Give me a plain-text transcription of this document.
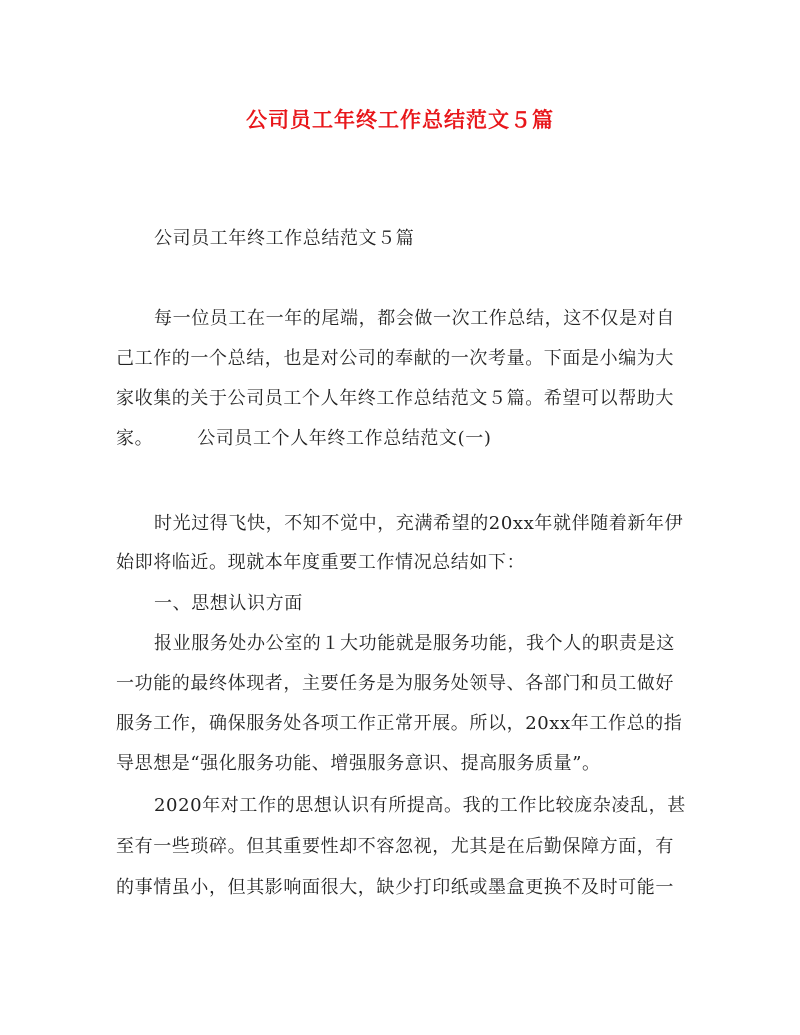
公司员工年终工作总结范文５篇
公司员工年终工作总结范文５篇
每一位员工在一年的尾端，都会做一次工作总结，这不仅是对自
己工作的一个总结，也是对公司的奉献的一次考量。下面是小编为大
家收集的关于公司员工个人年终工作总结范文５篇。希望可以帮助大
家。 公司员工个人年终工作总结范文(一)
时光过得飞快，不知不觉中，充满希望的20xx年就伴随着新年伊
始即将临近。现就本年度重要工作情况总结如下：
一、思想认识方面
报业服务处办公室的１大功能就是服务功能，我个人的职责是这
一功能的最终体现者，主要任务是为服务处领导、各部门和员工做好
服务工作，确保服务处各项工作正常开展。所以，20xx年工作总的指
导思想是“强化服务功能、增强服务意识、提高服务质量”。
2020年对工作的思想认识有所提高。我的工作比较庞杂凌乱，甚
至有一些琐碎。但其重要性却不容忽视，尤其是在后勤保障方面，有
的事情虽小，但其影响面很大，缺少打印纸或墨盒更换不及时可能一
